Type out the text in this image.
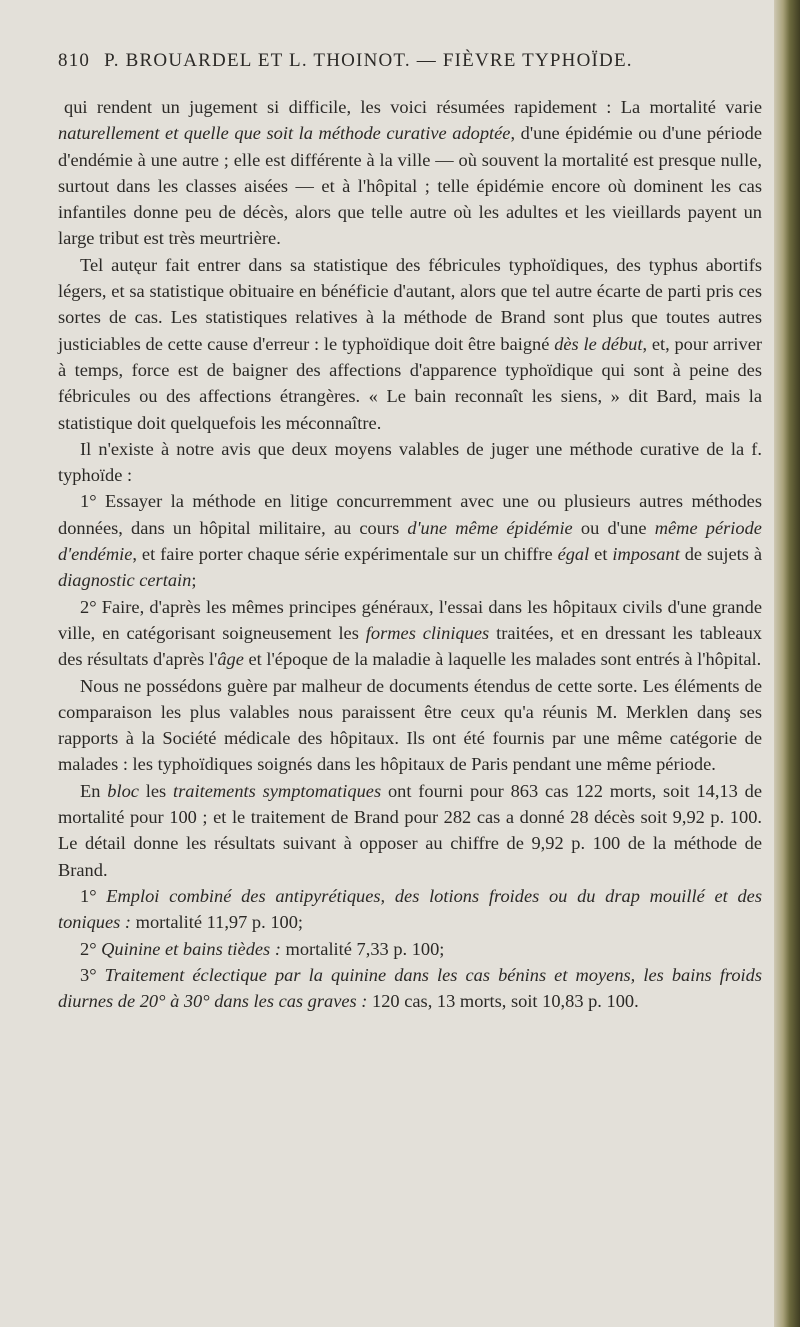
810 P. BROUARDEL ET L. THOINOT. — FIÈVRE TYPHOÏDE.

qui rendent un jugement si difficile, les voici résumées rapidement : La mortalité varie naturellement et quelle que soit la méthode curative adoptée, d'une épidémie ou d'une période d'endémie à une autre ; elle est différente à la ville — où souvent la mortalité est presque nulle, surtout dans les classes aisées — et à l'hôpital ; telle épidémie encore où dominent les cas infantiles donne peu de décès, alors que telle autre où les adultes et les vieillards payent un large tribut est très meurtrière.

Tel autęur fait entrer dans sa statistique des fébricules typhoïdiques, des typhus abortifs légers, et sa statistique obituaire en bénéficie d'autant, alors que tel autre écarte de parti pris ces sortes de cas. Les statistiques relatives à la méthode de Brand sont plus que toutes autres justiciables de cette cause d'erreur : le typhoïdique doit être baigné dès le début, et, pour arriver à temps, force est de baigner des affections d'apparence typhoïdique qui sont à peine des fébricules ou des affections étrangères. « Le bain reconnaît les siens, » dit Bard, mais la statistique doit quelquefois les méconnaître.

Il n'existe à notre avis que deux moyens valables de juger une méthode curative de la f. typhoïde :

1° Essayer la méthode en litige concurremment avec une ou plusieurs autres méthodes données, dans un hôpital militaire, au cours d'une même épidémie ou d'une même période d'endémie, et faire porter chaque série expérimentale sur un chiffre égal et imposant de sujets à diagnostic certain;

2° Faire, d'après les mêmes principes généraux, l'essai dans les hôpitaux civils d'une grande ville, en catégorisant soigneusement les formes cliniques traitées, et en dressant les tableaux des résultats d'après l'âge et l'époque de la maladie à laquelle les malades sont entrés à l'hôpital.

Nous ne possédons guère par malheur de documents étendus de cette sorte. Les éléments de comparaison les plus valables nous paraissent être ceux qu'a réunis M. Merklen danş ses rapports à la Société médicale des hôpitaux. Ils ont été fournis par une même catégorie de malades : les typhoïdiques soignés dans les hôpitaux de Paris pendant une même période.

En bloc les traitements symptomatiques ont fourni pour 863 cas 122 morts, soit 14,13 de mortalité pour 100 ; et le traitement de Brand pour 282 cas a donné 28 décès soit 9,92 p. 100. Le détail donne les résultats suivant à opposer au chiffre de 9,92 p. 100 de la méthode de Brand.

1° Emploi combiné des antipyrétiques, des lotions froides ou du drap mouillé et des toniques : mortalité 11,97 p. 100;

2° Quinine et bains tièdes : mortalité 7,33 p. 100;

3° Traitement éclectique par la quinine dans les cas bénins et moyens, les bains froids diurnes de 20° à 30° dans les cas graves : 120 cas, 13 morts, soit 10,83 p. 100.
